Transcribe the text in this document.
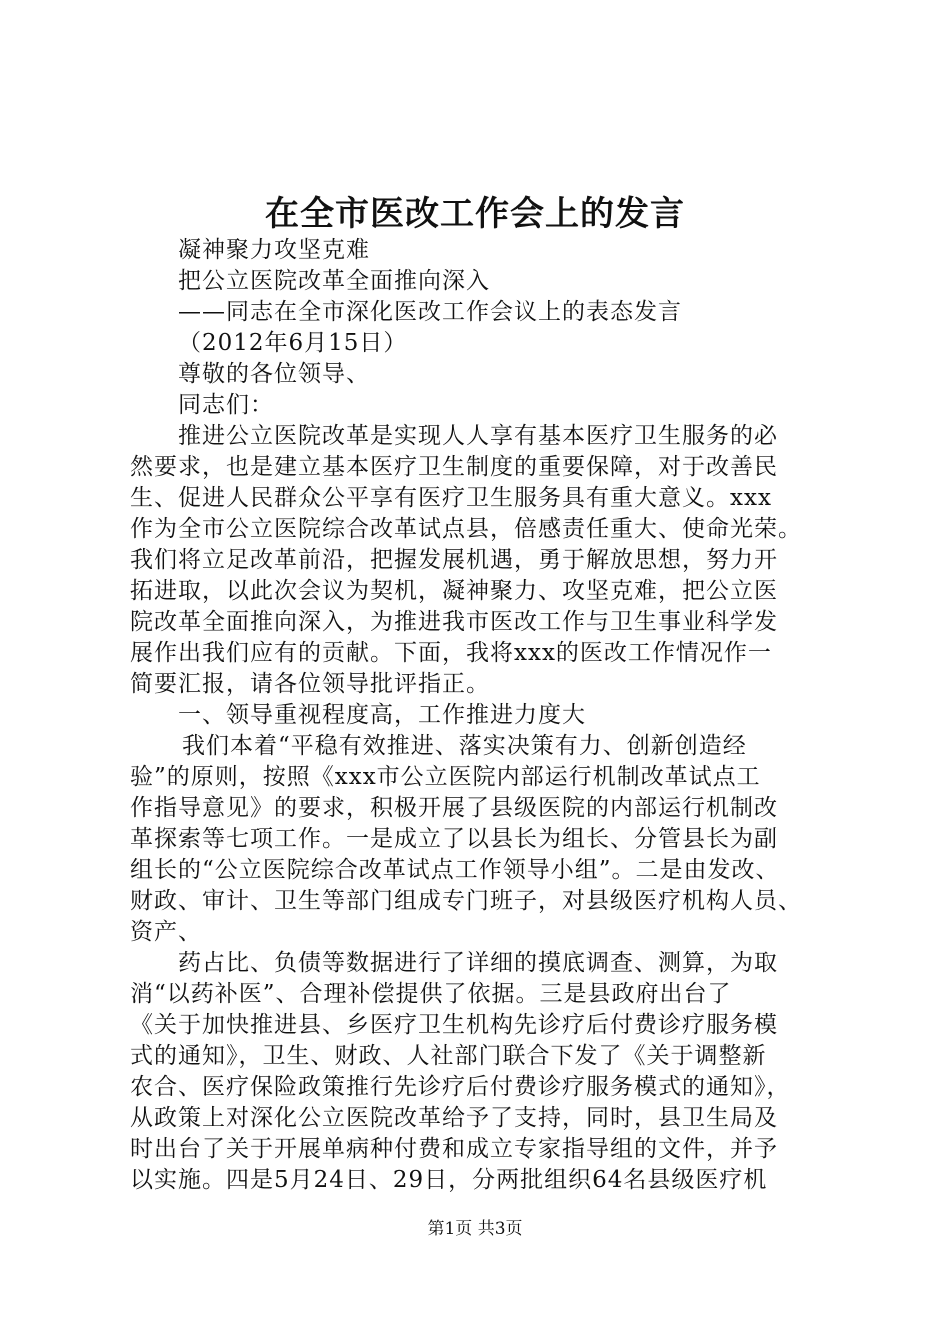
在全市医改工作会上的发言
凝神聚力攻坚克难
把公立医院改革全面推向深入
——同志在全市深化医改工作会议上的表态发言
（2012年6月15日）
尊敬的各位领导、
同志们：
推进公立医院改革是实现人人享有基本医疗卫生服务的必
然要求，也是建立基本医疗卫生制度的重要保障，对于改善民
生、促进人民群众公平享有医疗卫生服务具有重大意义。xxx
作为全市公立医院综合改革试点县，倍感责任重大、使命光荣。
我们将立足改革前沿，把握发展机遇，勇于解放思想，努力开
拓进取，以此次会议为契机，凝神聚力、攻坚克难，把公立医
院改革全面推向深入，为推进我市医改工作与卫生事业科学发
展作出我们应有的贡献。下面，我将xxx的医改工作情况作一
简要汇报，请各位领导批评指正。
一、领导重视程度高，工作推进力度大
我们本着“平稳有效推进、落实决策有力、创新创造经
验”的原则，按照《xxx市公立医院内部运行机制改革试点工
作指导意见》的要求，积极开展了县级医院的内部运行机制改
革探索等七项工作。一是成立了以县长为组长、分管县长为副
组长的“公立医院综合改革试点工作领导小组”。二是由发改、
财政、审计、卫生等部门组成专门班子，对县级医疗机构人员、
资产、
药占比、负债等数据进行了详细的摸底调查、测算，为取
消“以药补医”、合理补偿提供了依据。三是县政府出台了
《关于加快推进县、乡医疗卫生机构先诊疗后付费诊疗服务模
式的通知》，卫生、财政、人社部门联合下发了《关于调整新
农合、医疗保险政策推行先诊疗后付费诊疗服务模式的通知》，
从政策上对深化公立医院改革给予了支持，同时，县卫生局及
时出台了关于开展单病种付费和成立专家指导组的文件，并予
以实施。四是5月24日、29日，分两批组织64名县级医疗机
第1页 共3页
